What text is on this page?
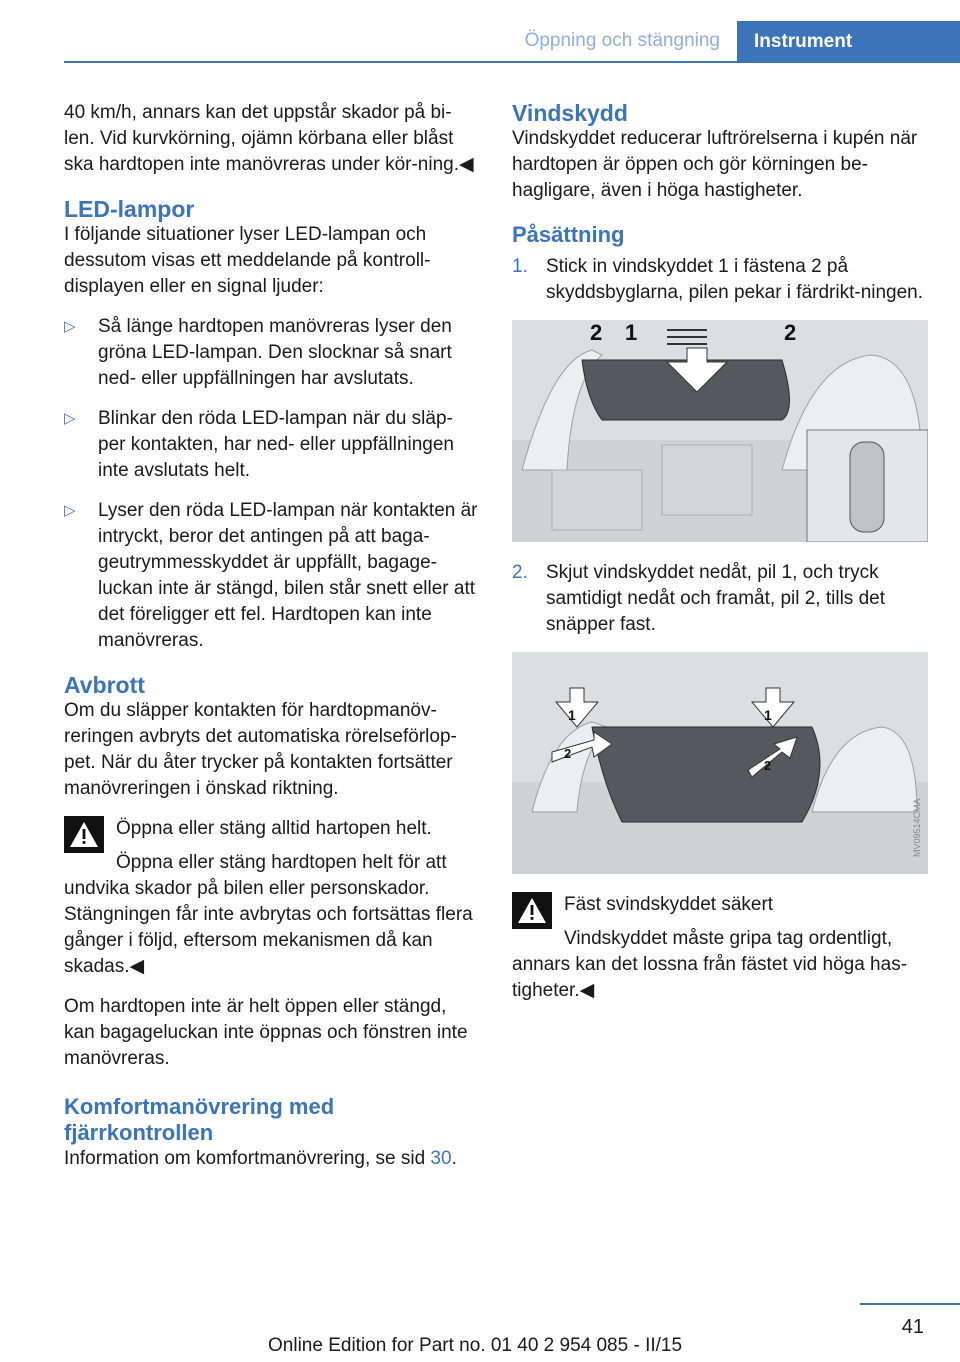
Öppning och stängning	Instrument

40 km/h, annars kan det uppstår skador på bi-len. Vid kurvkörning, ojämn körbana eller blåst ska hardtopen inte manövreras under kör-ning.◀

LED-lampor

I följande situationer lyser LED-lampan och dessutom visas ett meddelande på kontroll-displayen eller en signal ljuder:

▷ Så länge hardtopen manövreras lyser den gröna LED-lampan. Den slocknar så snart ned- eller uppfällningen har avslutats.
▷ Blinkar den röda LED-lampan när du släp-per kontakten, har ned- eller uppfällningen inte avslutats helt.
▷ Lyser den röda LED-lampan när kontakten är intryckt, beror det antingen på att baga-geutrymmesskyddet är uppfällt, bagage-luckan inte är stängd, bilen står snett eller att det föreligger ett fel. Hardtopen kan inte manövreras.
Avbrott

Om du släpper kontakten för hardtopmanöv-reringen avbryts det automatiska rörelseförlop-pet. När du åter trycker på kontakten fortsätter manövreringen i önskad riktning.

Öppna eller stäng alltid hartopen helt.

Öppna eller stäng hardtopen helt för att undvika skador på bilen eller personskador. Stängningen får inte avbrytas och fortsättas flera gånger i följd, eftersom mekanismen då kan skadas.◀

Om hardtopen inte är helt öppen eller stängd, kan bagageluckan inte öppnas och fönstren inte manövreras.

Komfortmanövrering med fjärrkontrollen

Information om komfortmanövrering, se sid 30.

Vindskydd

Vindskyddet reducerar luftrörelserna i kupén när hardtopen är öppen och gör körningen be-hagligare, även i höga hastigheter.

Påsättning
1. Stick in vindskyddet 1 i fästena 2 på skyddsbyglarna, pilen pekar i färdrikt-ningen.
2 1	2
2. Skjut vindskyddet nedåt, pil 1, och tryck samtidigt nedåt och framåt, pil 2, tills det snäpper fast.
1	1
2
2
MV09514CMA

Fäst svindskyddet säkert

Vindskyddet måste gripa tag ordentligt, annars kan det lossna från fästet vid höga has-tigheter.◀

41
Online Edition for Part no. 01 40 2 954 085 - II/15
